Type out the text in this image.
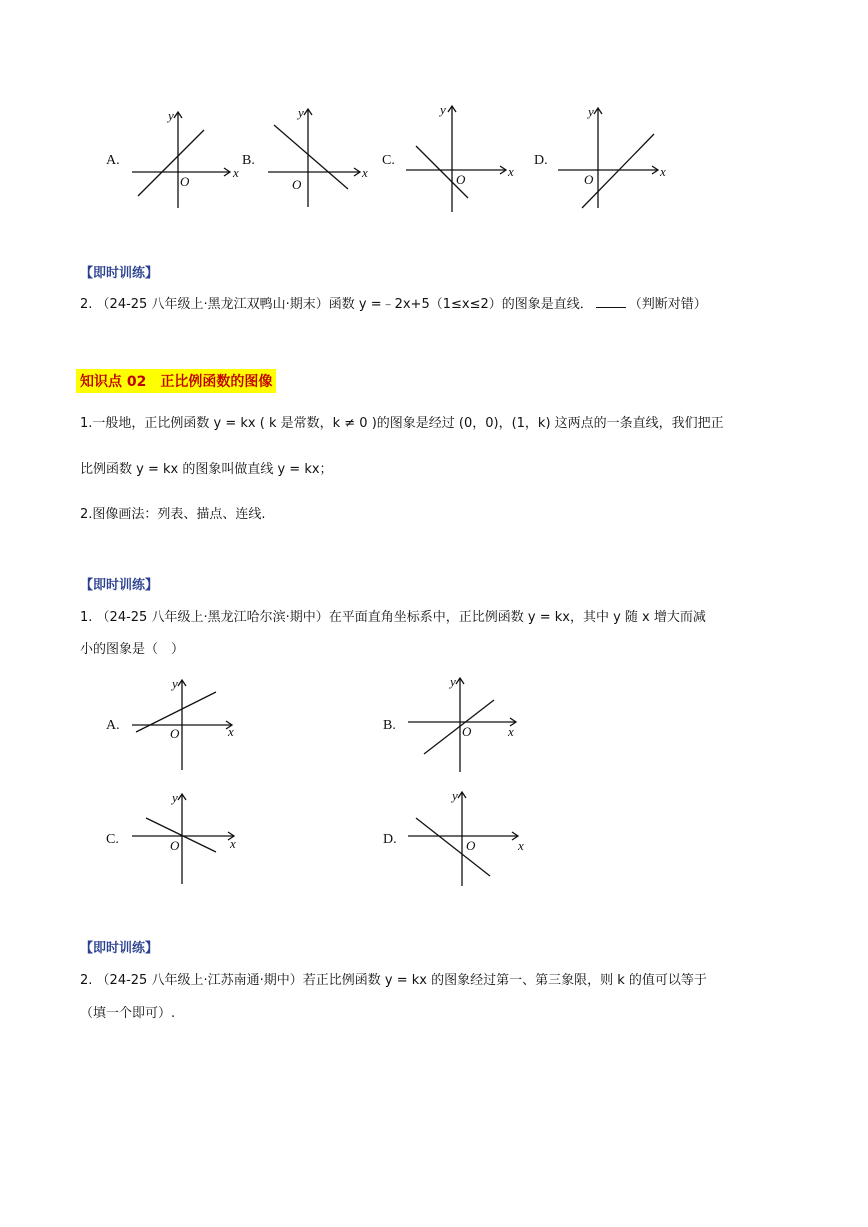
A.
y
x
O
B.
y
x
O
C.
y
x
O
D.
y
x
O
【即时训练】
2. （24-25 八年级上·黑龙江双鸭山·期末）函数 y =﹣2x+5（1≤x≤2）的图象是直线．	（判断对错）
知识点 02　正比例函数的图像
1.一般地，正比例函数 y = kx ( k 是常数，k ≠ 0 )的图象是经过 (0，0)，(1，k) 这两点的一条直线，我们把正
比例函数 y = kx 的图象叫做直线 y = kx；
2.图像画法：列表、描点、连线.
【即时训练】
1. （24-25 八年级上·黑龙江哈尔滨·期中）在平面直角坐标系中，正比例函数 y = kx，其中 y 随 x 增大而减
小的图象是（　）
A.
y
x
O
B.
y
x
O
C.
y
x
O	D.
y
x
O
【即时训练】
2. （24-25 八年级上·江苏南通·期中）若正比例函数 y = kx 的图象经过第一、第三象限，则 k 的值可以等于
（填一个即可）.
